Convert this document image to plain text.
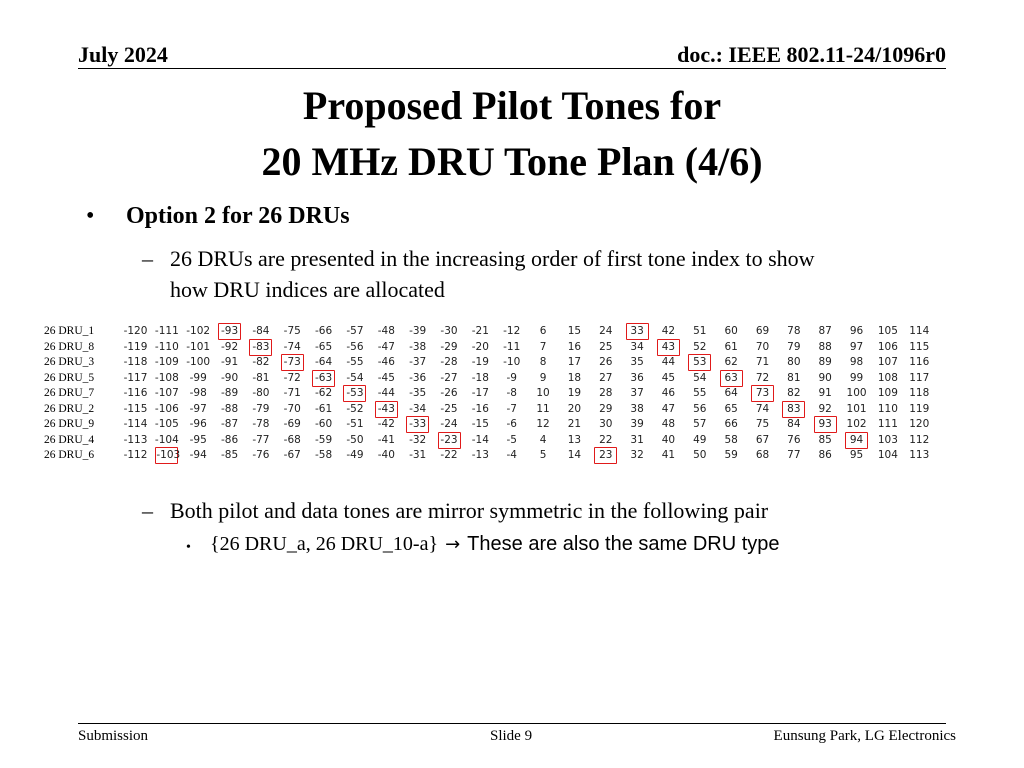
July 2024	doc.: IEEE 802.11-24/1096r0
Proposed Pilot Tones for
20 MHz DRU Tone Plan (4/6)
• Option 2 for 26 DRUs
– 26 DRUs are presented in the increasing order of first tone index to show
how DRU indices are allocated
26 DRU_1	-120 -111 -102	-93	-84	-75	-66	-57	-48	-39	-30	-21	-12	6	15	24	33	42	51	60	69	78	87	96	105	114
26 DRU_8	-119 -110 -101	-92	-83	-74	-65	-56	-47	-38	-29	-20	-11	7	16	25	34	43	52	61	70	79	88	97	106	115
26 DRU_3	-118 -109 -100	-91	-82	-73	-64	-55	-46	-37	-28	-19	-10	8	17	26	35	44	53	62	71	80	89	98	107	116
26 DRU_5	-117 -108	-99	-90	-81	-72	-63	-54	-45	-36	-27	-18	-9	9	18	27	36	45	54	63	72	81	90	99	108	117
26 DRU_7	-116 -107	-98	-89	-80	-71	-62	-53	-44	-35	-26	-17	-8	10	19	28	37	46	55	64	73	82	91	100	109	118
26 DRU_2	-115 -106	-97	-88	-79	-70	-61	-52	-43	-34	-25	-16	-7	11	20	29	38	47	56	65	74	83	92	101	110	119
26 DRU_9	-114 -105	-96	-87	-78	-69	-60	-51	-42	-33	-24	-15	-6	12	21	30	39	48	57	66	75	84	93	102	111	120
26 DRU_4	-113 -104	-95	-86	-77	-68	-59	-50	-41	-32	-23	-14	-5	4	13	22	31	40	49	58	67	76	85	94	103	112
26 DRU_6	-112 -103 -94	-85	-76	-67	-58	-49	-40	-31	-22	-13	-4	5	14	23	32	41	50	59	68	77	86	95	104	113
– Both pilot and data tones are mirror symmetric in the following pair
• {26 DRU_a, 26 DRU_10-a} → These are also the same DRU type
Submission	Slide 9	Eunsung Park, LG Electronics
